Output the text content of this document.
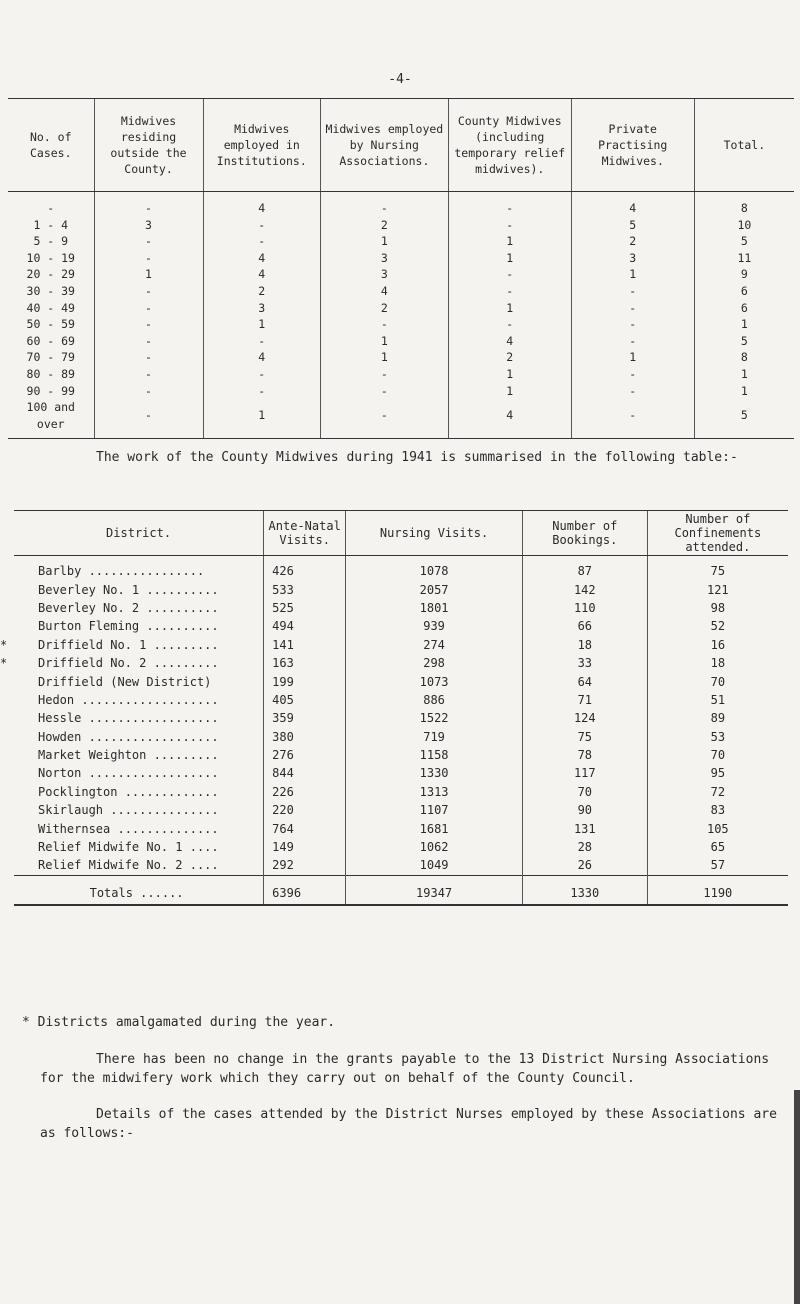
-4-
No. of Cases.	Midwives residing outside the County.	Midwives employed in Institutions.	Midwives employed by Nursing Associations.	County Midwives (including temporary relief midwives).	Private Practising Midwives.	Total.
-	-	4	-	-	4	8
1 - 4	3	-	2	-	5	10
5 - 9	-	-	1	1	2	5
10 - 19	-	4	3	1	3	11
20 - 29	1	4	3	-	1	9
30 - 39	-	2	4	-	-	6
40 - 49	-	3	2	1	-	6
50 - 59	-	1	-	-	-	1
60 - 69	-	-	1	4	-	5
70 - 79	-	4	1	2	1	8
80 - 89	-	-	-	1	-	1
90 - 99	-	-	-	1	-	1
100 and over	-	1	-	4	-	5
The work of the County Midwives during 1941 is summarised in the following table:-
District.	Ante-Natal Visits.	Nursing Visits.	Number of Bookings.	Number of Confinements attended.
Barlby ................	426	1078	87	75
Beverley No. 1 ..........	533	2057	142	121
Beverley No. 2 ..........	525	1801	110	98
Burton Fleming ..........	494	939	66	52

* Driffield No. 1 .........	141	274	18	16

* Driffield No. 2 .........	163	298	33	18
Driffield (New District)	199	1073	64	70
Hedon ...................	405	886	71	51
Hessle ..................	359	1522	124	89
Howden ..................	380	719	75	53
Market Weighton .........	276	1158	78	70
Norton ..................	844	1330	117	95
Pocklington .............	226	1313	70	72
Skirlaugh ...............	220	1107	90	83
Withernsea ..............	764	1681	131	105
Relief Midwife No. 1 ....	149	1062	28	65
Relief Midwife No. 2 ....	292	1049	26	57
Totals ......	6396	19347	1330	1190
* Districts amalgamated during the year.
There has been no change in the grants payable to the 13 District Nursing Associations for the midwifery work which they carry out on behalf of the County Council.
Details of the cases attended by the District Nurses employed by these Associations are as follows:-
